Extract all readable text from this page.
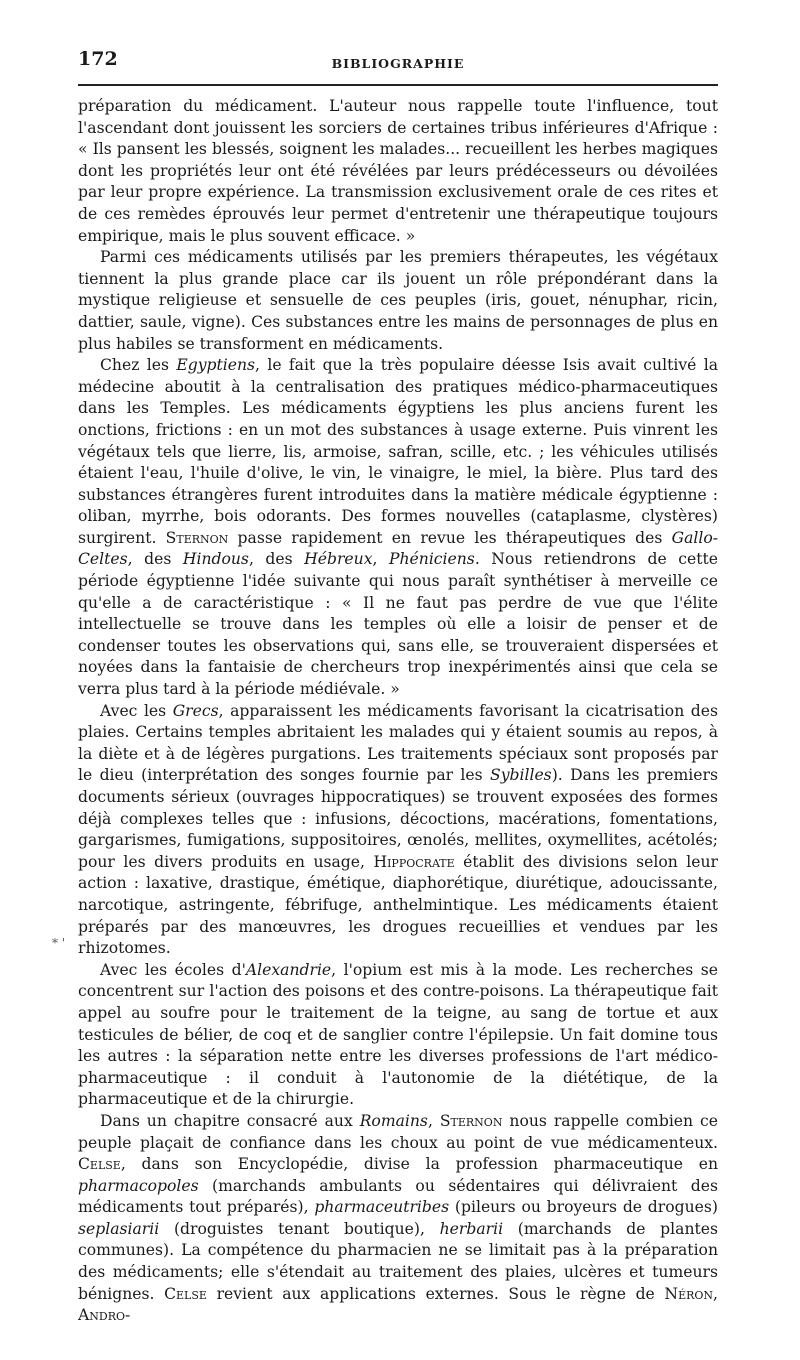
172	BIBLIOGRAPHIE

préparation du médicament. L'auteur nous rappelle toute l'influence, tout l'ascendant dont jouissent les sorciers de certaines tribus inférieures d'Afrique : « Ils pansent les blessés, soignent les malades... recueillent les herbes magiques dont les propriétés leur ont été révélées par leurs prédécesseurs ou dévoilées par leur propre expérience. La transmission exclusivement orale de ces rites et de ces remèdes éprouvés leur permet d'entretenir une thérapeutique toujours empirique, mais le plus souvent efficace. »

Parmi ces médicaments utilisés par les premiers thérapeutes, les végétaux tiennent la plus grande place car ils jouent un rôle prépondérant dans la mystique religieuse et sensuelle de ces peuples (iris, gouet, nénuphar, ricin, dattier, saule, vigne). Ces substances entre les mains de personnages de plus en plus habiles se transforment en médicaments.

Chez les Egyptiens, le fait que la très populaire déesse Isis avait cultivé la médecine aboutit à la centralisation des pratiques médico-pharmaceutiques dans les Temples. Les médicaments égyptiens les plus anciens furent les onctions, frictions : en un mot des substances à usage externe. Puis vinrent les végétaux tels que lierre, lis, armoise, safran, scille, etc. ; les véhicules utilisés étaient l'eau, l'huile d'olive, le vin, le vinaigre, le miel, la bière. Plus tard des substances étrangères furent introduites dans la matière médicale égyptienne : oliban, myrrhe, bois odorants. Des formes nouvelles (cataplasme, clystères) surgirent. Sternon passe rapidement en revue les thérapeutiques des Gallo-Celtes, des Hindous, des Hébreux, Phéniciens. Nous retiendrons de cette période égyptienne l'idée suivante qui nous paraît synthétiser à merveille ce qu'elle a de caractéristique : « Il ne faut pas perdre de vue que l'élite intellectuelle se trouve dans les temples où elle a loisir de penser et de condenser toutes les observations qui, sans elle, se trouveraient dispersées et noyées dans la fantaisie de chercheurs trop inexpérimentés ainsi que cela se verra plus tard à la période médiévale. »

Avec les Grecs, apparaissent les médicaments favorisant la cicatrisation des plaies. Certains temples abritaient les malades qui y étaient soumis au repos, à la diète et à de légères purgations. Les traitements spéciaux sont proposés par le dieu (interprétation des songes fournie par les Sybilles). Dans les premiers documents sérieux (ouvrages hippocratiques) se trouvent exposées des formes déjà complexes telles que : infusions, décoctions, macérations, fomentations, gargarismes, fumigations, suppositoires, œnolés, mellites, oxymellites, acétolés; pour les divers produits en usage, Hippocrate établit des divisions selon leur action : laxative, drastique, émétique, diaphorétique, diurétique, adoucissante, narcotique, astringente, fébrifuge, anthelmintique. Les médicaments étaient préparés par des manœuvres, les drogues recueillies et vendues par les rhizotomes.

Avec les écoles d'Alexandrie, l'opium est mis à la mode. Les recherches se concentrent sur l'action des poisons et des contre-poisons. La thérapeutique fait appel au soufre pour le traitement de la teigne, au sang de tortue et aux testicules de bélier, de coq et de sanglier contre l'épilepsie. Un fait domine tous les autres : la séparation nette entre les diverses professions de l'art médico-pharmaceutique : il conduit à l'autonomie de la diététique, de la pharmaceutique et de la chirurgie.

Dans un chapitre consacré aux Romains, Sternon nous rappelle combien ce peuple plaçait de confiance dans les choux au point de vue médicamenteux. Celse, dans son Encyclopédie, divise la profession pharmaceutique en pharmacopoles (marchands ambulants ou sédentaires qui délivraient des médicaments tout préparés), pharmaceutribes (pileurs ou broyeurs de drogues) seplasiarii (droguistes tenant boutique), herbarii (marchands de plantes communes). La compétence du pharmacien ne se limitait pas à la préparation des médicaments; elle s'étendait au traitement des plaies, ulcères et tumeurs bénignes. Celse revient aux applications externes. Sous le règne de Néron, Andro-

* '
